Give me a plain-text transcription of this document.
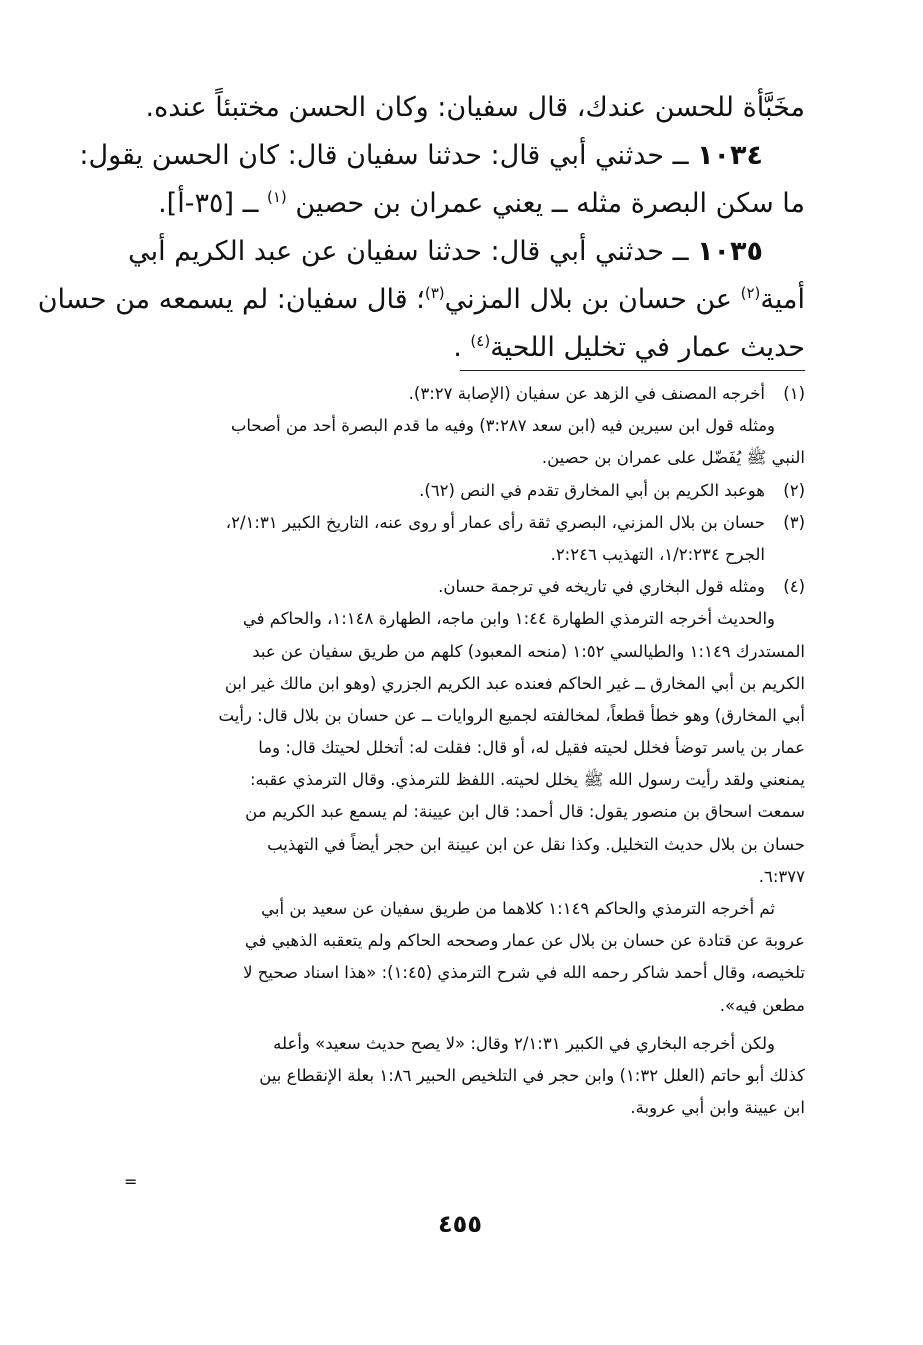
مخَبَّأة للحسن عندك، قال سفيان: وكان الحسن مختبئاً عنده.
١٠٣٤ ــ حدثني أبي قال: حدثنا سفيان قال: كان الحسن يقول:
ما سكن البصرة مثله ــ يعني عمران بن حصين $^{(١)}$ ــ [٣٥-أ].
١٠٣٥ ــ حدثني أبي قال: حدثنا سفيان عن عبد الكريم أبي
أمية$^{(٢)}$ عن حسان بن بلال المزني$^{(٣)}$؛ قال سفيان: لم يسمعه من حسان
حديث عمار في تخليل اللحية$^{(٤)}$ .
(١)أخرجه المصنف في الزهد عن سفيان (الإصابة ٣:٢٧).
ومثله قول ابن سيرين فيه (ابن سعد ٣:٢٨٧) وفيه ما قدم البصرة أحد من أصحاب
النبي ﷺ يُفَضّل على عمران بن حصين.
(٢)هوعبد الكريم بن أبي المخارق تقدم في النص (٦٢).
(٣)حسان بن بلال المزني، البصري ثقة رأى عمار أو روى عنه، التاريخ الكبير ٢/١:٣١،
الجرح ١/٢:٢٣٤، التهذيب ٢:٢٤٦.
(٤)ومثله قول البخاري في تاريخه في ترجمة حسان.
والحديث أخرجه الترمذي الطهارة ١:٤٤ وابن ماجه، الطهارة ١:١٤٨، والحاكم في
المستدرك ١:١٤٩ والطيالسي ١:٥٢ (منحه المعبود) كلهم من طريق سفيان عن عبد
الكريم بن أبي المخارق ــ غير الحاكم فعنده عبد الكريم الجزري (وهو ابن مالك غير ابن
أبي المخارق) وهو خطأ قطعاً، لمخالفته لجميع الروايات ــ عن حسان بن بلال قال: رأيت
عمار بن ياسر توضأ فخلل لحيته فقيل له، أو قال: فقلت له: أتخلل لحيتك قال: وما
يمنعني ولقد رأيت رسول الله ﷺ يخلل لحيته. اللفظ للترمذي. وقال الترمذي عقبه:
سمعت اسحاق بن منصور يقول: قال أحمد: قال ابن عيينة: لم يسمع عبد الكريم من
حسان بن بلال حديث التخليل. وكذا نقل عن ابن عيينة ابن حجر أيضاً في التهذيب
٦:٣٧٧.
ثم أخرجه الترمذي والحاكم ١:١٤٩ كلاهما من طريق سفيان عن سعيد بن أبي
عروبة عن قتادة عن حسان بن بلال عن عمار وصححه الحاكم ولم يتعقبه الذهبي في
تلخيصه، وقال أحمد شاكر رحمه الله في شرح الترمذي (١:٤٥): «هذا اسناد صحيح لا
مطعن فيه».
ولكن أخرجه البخاري في الكبير ٢/١:٣١ وقال: «لا يصح حديث سعيد» وأعله
كذلك أبو حاتم (العلل ١:٣٢) وابن حجر في التلخيص الحبير ١:٨٦ بعلة الإنقطاع بين
ابن عيينة وابن أبي عروبة.
=
٤٥٥
